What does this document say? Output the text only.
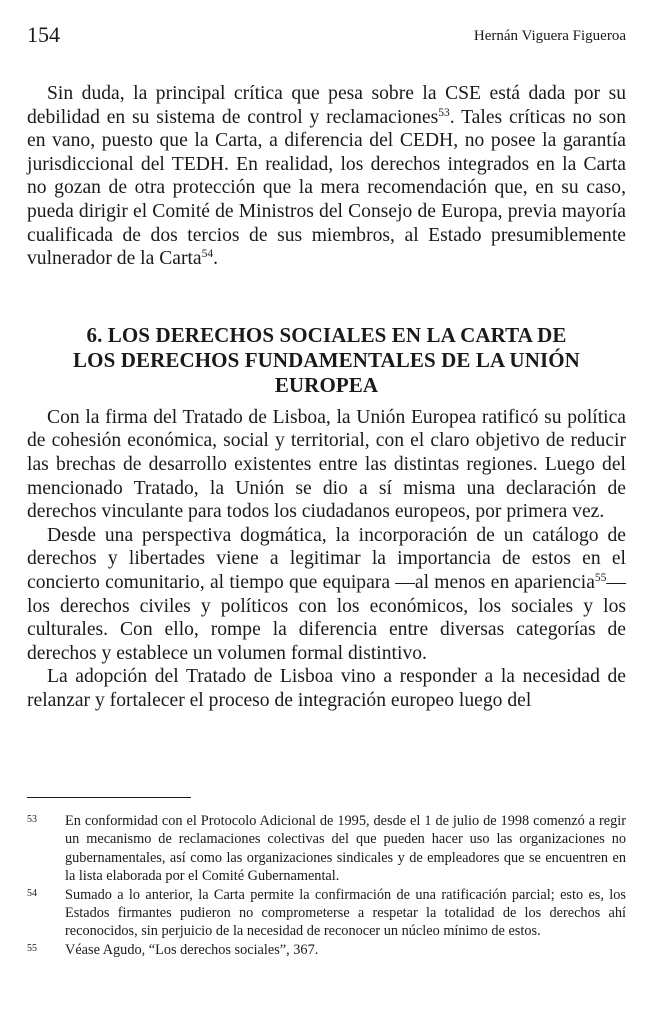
154	Hernán Viguera Figueroa

Sin duda, la principal crítica que pesa sobre la CSE está dada por su debilidad en su sistema de control y reclamaciones$^{53}$. Tales críticas no son en vano, puesto que la Carta, a diferencia del CEDH, no posee la garantía jurisdiccional del TEDH. En realidad, los derechos integrados en la Carta no gozan de otra protección que la mera recomendación que, en su caso, pueda dirigir el Comité de Ministros del Consejo de Europa, previa mayoría cualificada de dos tercios de sus miembros, al Estado presumiblemente vulnerador de la Carta$^{54}$.

6. LOS DERECHOS SOCIALES EN LA CARTA DE
LOS DERECHOS FUNDAMENTALES DE LA UNIÓN
EUROPEA

Con la firma del Tratado de Lisboa, la Unión Europea ratificó su política de cohesión económica, social y territorial, con el claro objetivo de reducir las brechas de desarrollo existentes entre las distintas regiones. Luego del mencionado Tratado, la Unión se dio a sí misma una declaración de derechos vinculante para todos los ciudadanos europeos, por primera vez.

Desde una perspectiva dogmática, la incorporación de un catálogo de derechos y libertades viene a legitimar la importancia de estos en el concierto comunitario, al tiempo que equipara —al menos en apariencia$^{55}$— los derechos civiles y políticos con los económicos, los sociales y los culturales. Con ello, rompe la diferencia entre diversas categorías de derechos y establece un volumen formal distintivo.

La adopción del Tratado de Lisboa vino a responder a la necesidad de relanzar y fortalecer el proceso de integración europeo luego del

53	En conformidad con el Protocolo Adicional de 1995, desde el 1 de julio de 1998 comenzó a regir un mecanismo de reclamaciones colectivas del que pueden hacer uso las organizaciones no gubernamentales, así como las organizaciones sindicales y de empleadores que se encuentren en la lista elaborada por el Comité Gubernamental.
54	Sumado a lo anterior, la Carta permite la confirmación de una ratificación parcial; esto es, los Estados firmantes pudieron no comprometerse a respetar la totalidad de los derechos ahí reconocidos, sin perjuicio de la necesidad de reconocer un núcleo mínimo de estos.
55	Véase Agudo, “Los derechos sociales”, 367.
